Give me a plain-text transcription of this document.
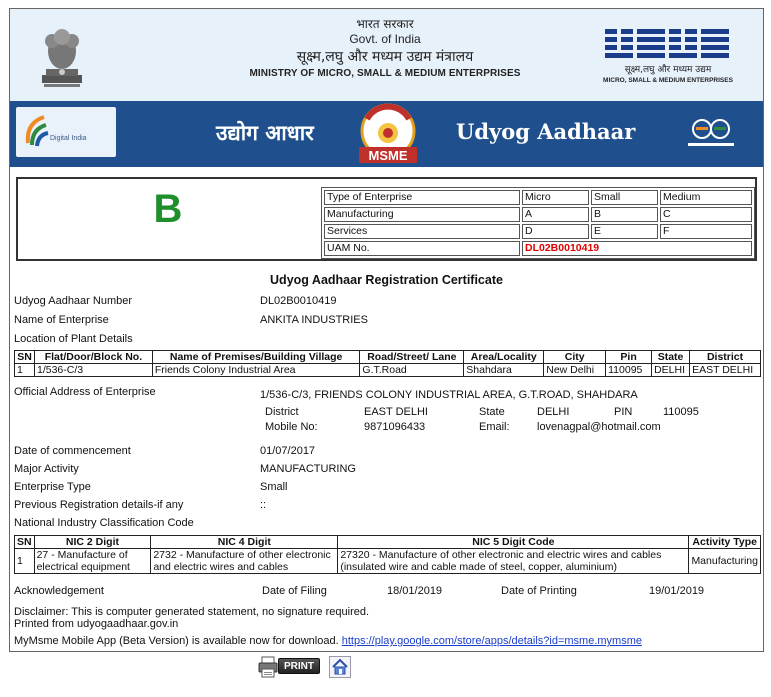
भारत सरकार
Govt. of India
सूक्ष्म,लघु और मध्यम उद्यम मंत्रालय
MINISTRY OF MICRO, SMALL & MEDIUM ENTERPRISES	सूक्ष्म,लघु और मध्यम उद्यम
MICRO, SMALL & MEDIUM ENTERPRISES
Digital India	उद्योग आधार
MSME
Udyog Aadhaar
B	Type of Enterprise	Micro	Small	Medium
Manufacturing	A	B	C
Services	D	E	F
UAM No.	DL02B0010419		
Udyog Aadhaar Registration Certificate
Udyog Aadhaar Number	DL02B0010419
Name of Enterprise	ANKITA INDUSTRIES
Location of Plant Details
SN	Flat/Door/Block No.	Name of Premises/Building Village	Road/Street/ Lane	Area/Locality	City	Pin	State	District
1	1/536-C/3	Friends Colony Industrial Area	G.T.Road	Shahdara	New Delhi	110095	DELHI	EAST DELHI
Official Address of Enterprise	1/536-C/3, FRIENDS COLONY INDUSTRIAL AREA, G.T.ROAD, SHAHDARA
District	EAST DELHI	State	DELHI	PIN	110095
Mobile No:	9871096433	Email: lovenagpal@hotmail.com
Date of commencement	01/07/2017
Major Activity	MANUFACTURING
Enterprise Type	Small
Previous Registration details-if any	::
National Industry Classification Code
SN	NIC 2 Digit	NIC 4 Digit	NIC 5 Digit Code	Activity Type
1	27 - Manufacture of electrical equipment	2732 - Manufacture of other electronic and electric wires and cables	27320 - Manufacture of other electronic and electric wires and cables (insulated wire and cable made of steel, copper, aluminium)	Manufacturing
Acknowledgement	Date of Filing	18/01/2019	Date of Printing	19/01/2019
Disclaimer: This is computer generated statement, no signature required.
Printed from udyogaadhaar.gov.in
MyMsme Mobile App (Beta Version) is available now for download. https://play.google.com/store/apps/details?id=msme.mymsme
PRINT
